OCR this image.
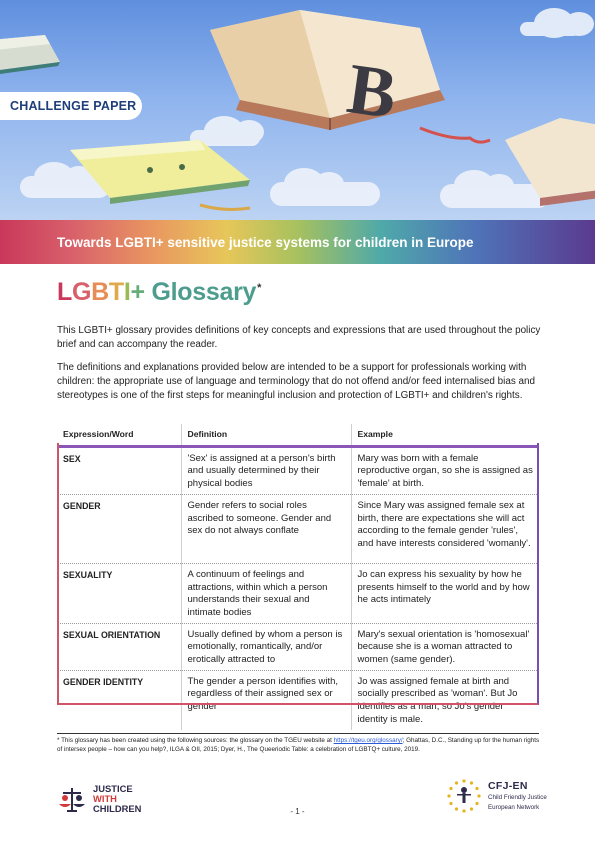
B
CHALLENGE PAPER
Towards LGBTI+ sensitive justice systems for children in Europe
LGBTI+ Glossary*

This LGBTI+ glossary provides definitions of key concepts and expressions that are used throughout the policy brief and can accompany the reader.

The definitions and explanations provided below are intended to be a support for professionals working with children: the appropriate use of language and terminology that do not offend and/or feed internalised bias and stereotypes is one of the first steps for meaningful inclusion and protection of LGBTI+ and children's rights.

Expression/Word	Definition	Example
SEX	'Sex' is assigned at a person's birth and usually determined by their physical bodies	Mary was born with a female reproductive organ, so she is assigned as 'female' at birth.
GENDER	Gender refers to social roles ascribed to someone. Gender and sex do not always conflate	Since Mary was assigned female sex at birth, there are expectations she will act according to the female gender 'rules', and have interests considered 'womanly'.
SEXUALITY	A continuum of feelings and attractions, within which a person understands their sexual and intimate bodies	Jo can express his sexuality by how he presents himself to the world and by how he acts intimately
SEXUAL ORIENTATION	Usually defined by whom a person is emotionally, romantically, and/or erotically attracted to	Mary's sexual orientation is 'homosexual' because she is a woman attracted to women (same gender).
GENDER IDENTITY	The gender a person identifies with, regardless of their assigned sex or gender	Jo was assigned female at birth and socially prescribed as 'woman'. But Jo identifies as a man, so Jo's gender identity is male.
* This glossary has been created using the following sources: the glossary on the TGEU website at https://tgeu.org/glossary/; Ghattas, D.C., Standing up for the human rights of intersex people – how can you help?, ILGA & OII, 2015; Dyer, H., The Queeriodic Table: a celebration of LGBTQ+ culture, 2019.
JUSTICE
WITH
CHILDREN	- 1 -
CFJ-EN
Child Friendly Justice
European Network
